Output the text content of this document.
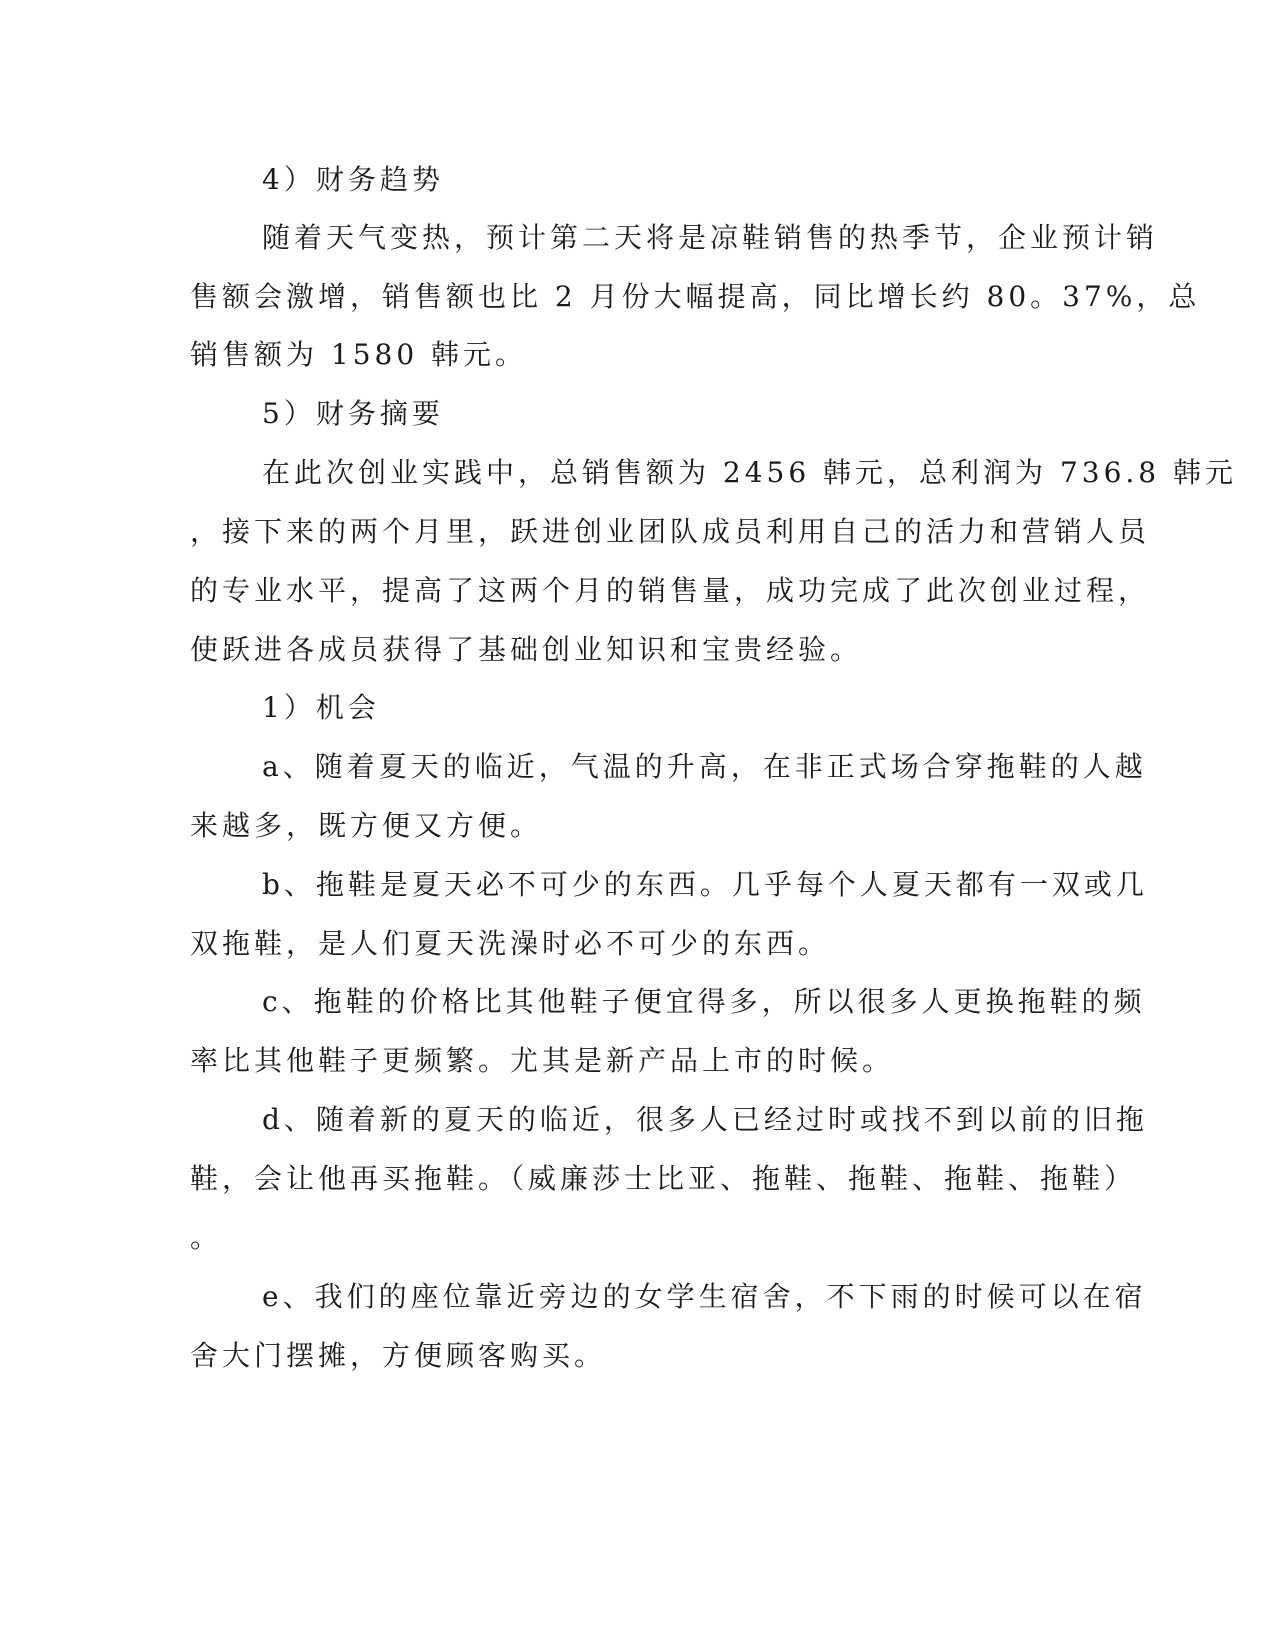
4）财务趋势
随着天气变热，预计第二天将是凉鞋销售的热季节，企业预计销
售额会激增，销售额也比 2 月份大幅提高，同比增长约 80。37%，总
销售额为 1580 韩元。
5）财务摘要
在此次创业实践中，总销售额为 2456 韩元，总利润为 736.8 韩元
，接下来的两个月里，跃进创业团队成员利用自己的活力和营销人员
的专业水平，提高了这两个月的销售量，成功完成了此次创业过程，
使跃进各成员获得了基础创业知识和宝贵经验。
1）机会
a、随着夏天的临近，气温的升高，在非正式场合穿拖鞋的人越
来越多，既方便又方便。
b、拖鞋是夏天必不可少的东西。几乎每个人夏天都有一双或几
双拖鞋，是人们夏天洗澡时必不可少的东西。
c、拖鞋的价格比其他鞋子便宜得多，所以很多人更换拖鞋的频
率比其他鞋子更频繁。尤其是新产品上市的时候。
d、随着新的夏天的临近，很多人已经过时或找不到以前的旧拖
鞋，会让他再买拖鞋。（威廉莎士比亚、拖鞋、拖鞋、拖鞋、拖鞋）
。
e、我们的座位靠近旁边的女学生宿舍，不下雨的时候可以在宿
舍大门摆摊，方便顾客购买。
